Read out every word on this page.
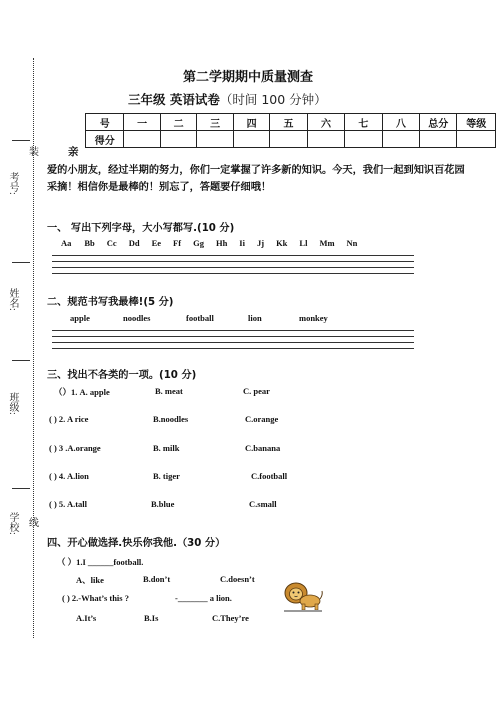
考号:
姓名:
班级:
学校:
装	亲
线
第二学期期中质量测查
三年级 英语试卷（时间 100 分钟）
号	一	二	三	四	五	六	七	八	总分	等级
得分										
爱的小朋友，经过半期的努力，你们一定掌握了许多新的知识。今天，我们一起到知识百花园采摘！相信你是最棒的！别忘了，答题要仔细哦！
一、 写出下列字母，大小写都写.(10 分)
Aa Bb Cc Dd Ee Ff Gg Hh Ii Jj Kk Ll Mm Nn
二、规范书写我最棒!(5 分)
apple	noodles	football	lion	monkey
三、找出不各类的一项。(10 分)
（）1. A. apple	B. meat	C. pear
( ) 2. A rice	B.noodles	C.orange
( ) 3 .A.orange	B. milk	C.banana
( ) 4. A.lion	B. tiger	C.football
( ) 5. A.tall	B.blue	C.small
四、开心做选择.快乐你我他.（30 分）
（ ）1.I ______football.
A、like	B.don’t	C.doesn’t
( ) 2.-What’s this ?	-_______ a lion.
A.It’s	B.Is	C.They’re
